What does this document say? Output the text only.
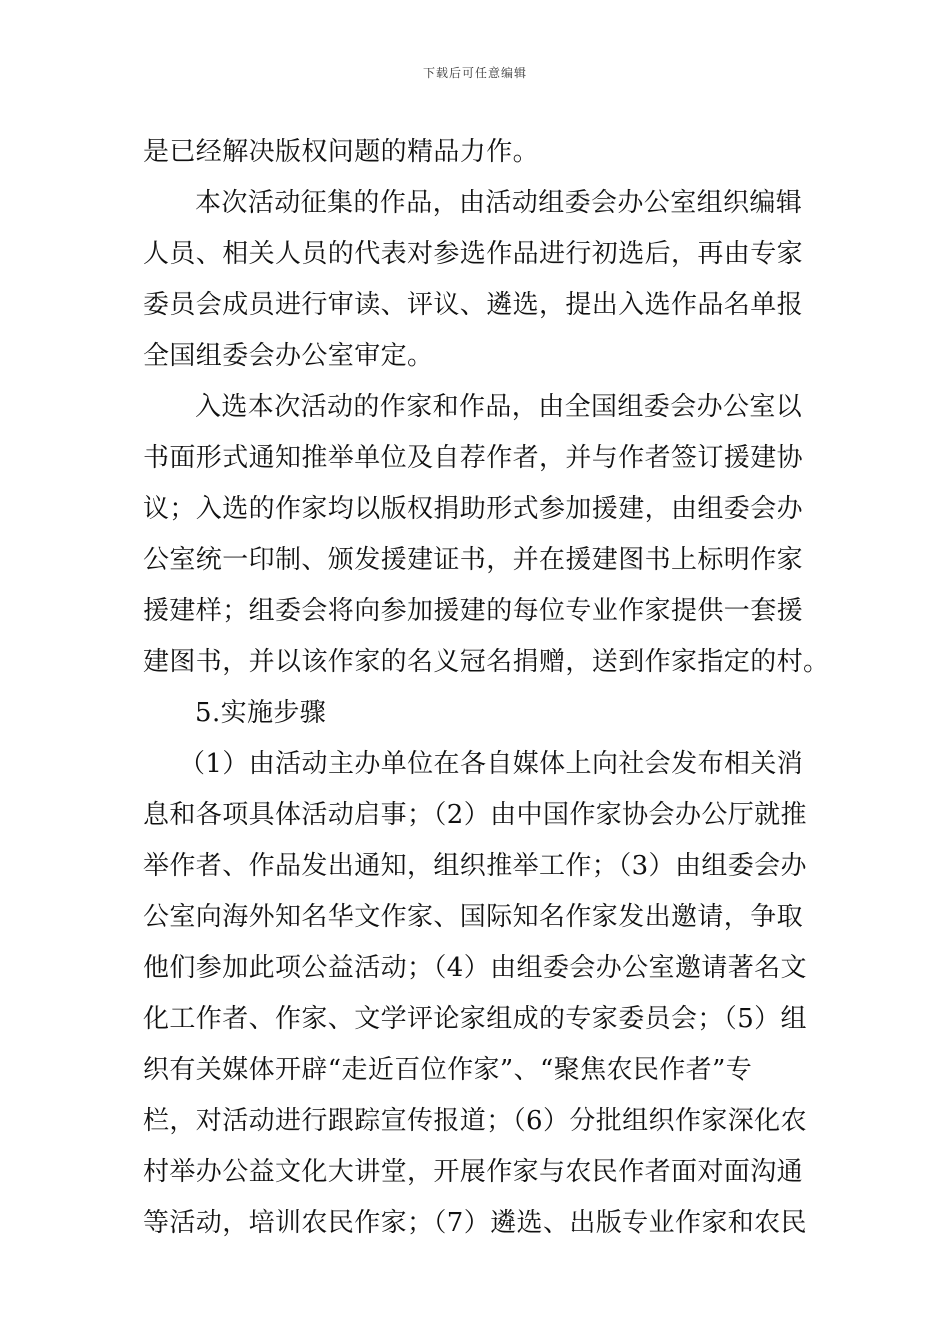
下载后可任意编辑
是已经解决版权问题的精品力作。
本次活动征集的作品，由活动组委会办公室组织编辑
人员、相关人员的代表对参选作品进行初选后，再由专家
委员会成员进行审读、评议、遴选，提出入选作品名单报
全国组委会办公室审定。
入选本次活动的作家和作品，由全国组委会办公室以
书面形式通知推举单位及自荐作者，并与作者签订援建协
议；入选的作家均以版权捐助形式参加援建，由组委会办
公室统一印制、颁发援建证书，并在援建图书上标明作家
援建样；组委会将向参加援建的每位专业作家提供一套援
建图书，并以该作家的名义冠名捐赠，送到作家指定的村。
5.实施步骤
（1）由活动主办单位在各自媒体上向社会发布相关消
息和各项具体活动启事；（2）由中国作家协会办公厅就推
举作者、作品发出通知，组织推举工作；（3）由组委会办
公室向海外知名华文作家、国际知名作家发出邀请，争取
他们参加此项公益活动；（4）由组委会办公室邀请著名文
化工作者、作家、文学评论家组成的专家委员会；（5）组
织有关媒体开辟“走近百位作家”、“聚焦农民作者”专
栏，对活动进行跟踪宣传报道；（6）分批组织作家深化农
村举办公益文化大讲堂，开展作家与农民作者面对面沟通
等活动，培训农民作家；（7）遴选、出版专业作家和农民
